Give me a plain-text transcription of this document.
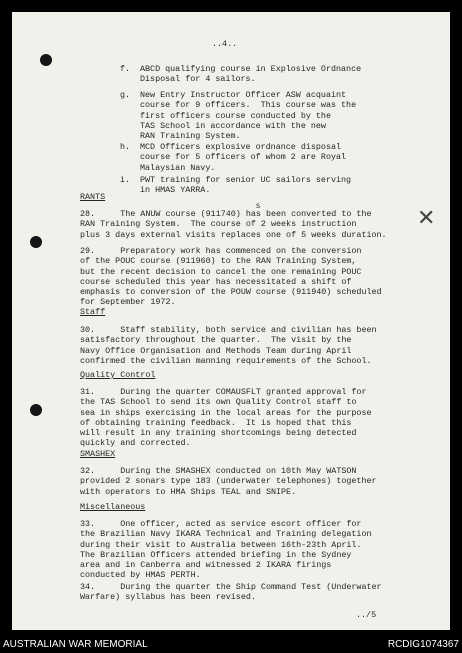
..4..
f. ABCD qualifying course in Explosive Ordnance
Disposal for 4 sailors.
g. New Entry Instructor Officer ASW acquaint
course for 9 officers.  This course was the
first officers course conducted by the
TAS School in accordance with the new
RAN Training System.
h. MCD Officers explosive ordnance disposal
course for 5 officers of whom 2 are Royal
Malaysian Navy.
i. PWT training for senior UC sailors serving
in HMAS YARRA.
RANTS
28.     The ANUW course (911740) has been converted to the
RAN Training System.  The course of 2 weeks instruction
plus 3 days external visits replaces one of 5 weeks duration.
s
✕
29.     Preparatory work has commenced on the conversion
of the POUC course (911960) to the RAN Training System,
but the recent decision to cancel the one remaining POUC
course scheduled this year has necessitated a shift of
emphasis to conversion of the POUW course (911940) scheduled
for September 1972.
Staff
30.     Staff stability, both service and civilian has been
satisfactory throughout the quarter.  The visit by the
Navy Office Organisation and Methods Team during April
confirmed the civilian manning requirements of the School.
Quality Control
31.     During the quarter COMAUSFLT granted approval for
the TAS School to send its own Quality Control staff to
sea in ships exercising in the local areas for the purpose
of obtaining training feedback.  It is hoped that this
will result in any training shortcomings being detected
quickly and corrected.
SMASHEX
32.     During the SMASHEX conducted on 10th May WATSON
provided 2 sonars type 183 (underwater telephones) together
with operators to HMA Ships TEAL and SNIPE.
Miscellaneous
33.     One officer, acted as service escort officer for
the Brazilian Navy IKARA Technical and Training delegation
during their visit to Australia between 16th-23th April.
The Brazilian Officers attended briefing in the Sydney
area and in Canberra and witnessed 2 IKARA firings
conducted by HMAS PERTH.
34.     During the quarter the Ship Command Test (Underwater
Warfare) syllabus has been revised.
../5
AUSTRALIAN WAR MEMORIAL	RCDIG1074367
